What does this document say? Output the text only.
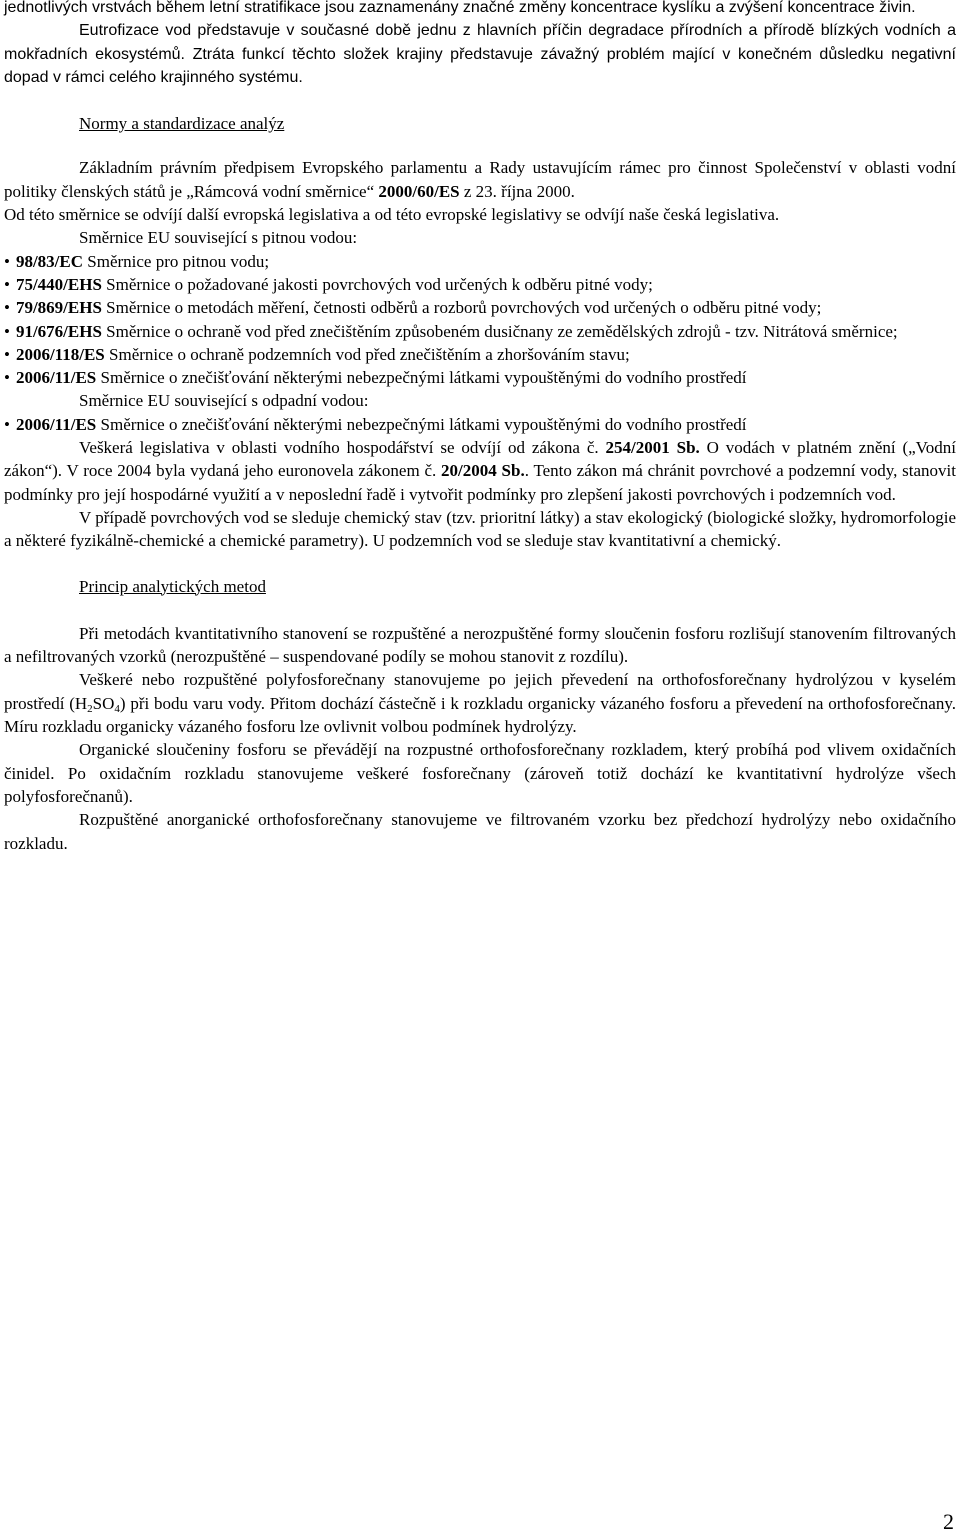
jednotlivých vrstvách během letní stratifikace jsou zaznamenány značné změny koncentrace kyslíku a zvýšení koncentrace živin.

Eutrofizace vod představuje v současné době jednu z hlavních příčin degradace přírodních a přírodě blízkých vodních a mokřadních ekosystémů. Ztráta funkcí těchto složek krajiny představuje závažný problém mající v konečném důsledku negativní dopad v rámci celého krajinného systému.

Normy a standardizace analýz

Základním právním předpisem Evropského parlamentu a Rady ustavujícím rámec pro činnost Společenství v oblasti vodní politiky členských států je „Rámcová vodní směrnice“ 2000/60/ES z 23. října 2000.

Od této směrnice se odvíjí další evropská legislativa a od této evropské legislativy se odvíjí naše česká legislativa.

Směrnice EU související s pitnou vodou:

• 98/83/EC Směrnice pro pitnou vodu;

• 75/440/EHS Směrnice o požadované jakosti povrchových vod určených k odběru pitné vody;

• 79/869/EHS Směrnice o metodách měření, četnosti odběrů a rozborů povrchových vod určených o odběru pitné vody;

• 91/676/EHS Směrnice o ochraně vod před znečištěním způsobeném dusičnany ze zemědělských zdrojů - tzv. Nitrátová směrnice;

• 2006/118/ES Směrnice o ochraně podzemních vod před znečištěním a zhoršováním stavu;

• 2006/11/ES Směrnice o znečišťování některými nebezpečnými látkami vypouštěnými do vodního prostředí

Směrnice EU související s odpadní vodou:

• 2006/11/ES Směrnice o znečišťování některými nebezpečnými látkami vypouštěnými do vodního prostředí

Veškerá legislativa v oblasti vodního hospodářství se odvíjí od zákona č. 254/2001 Sb. O vodách v platném znění („Vodní zákon“). V roce 2004 byla vydaná jeho euronovela zákonem č. 20/2004 Sb.. Tento zákon má chránit povrchové a podzemní vody, stanovit podmínky pro její hospodárné využití a v neposlední řadě i vytvořit podmínky pro zlepšení jakosti povrchových i podzemních vod.

V případě povrchových vod se sleduje chemický stav (tzv. prioritní látky) a stav ekologický (biologické složky, hydromorfologie a některé fyzikálně-chemické a chemické parametry). U podzemních vod se sleduje stav kvantitativní a chemický.

Princip analytických metod

Při metodách kvantitativního stanovení se rozpuštěné a nerozpuštěné formy sloučenin fosforu rozlišují stanovením filtrovaných a nefiltrovaných vzorků (nerozpuštěné – suspendované podíly se mohou stanovit z rozdílu).

Veškeré nebo rozpuštěné polyfosforečnany stanovujeme po jejich převedení na orthofosforečnany hydrolýzou v kyselém prostředí $(H_2SO_4)$ při bodu varu vody. Přitom dochází částečně i k rozkladu organicky vázaného fosforu a převedení na orthofosforečnany. Míru rozkladu organicky vázaného fosforu lze ovlivnit volbou podmínek hydrolýzy.

Organické sloučeniny fosforu se převádějí na rozpustné orthofosforečnany rozkladem, který probíhá pod vlivem oxidačních činidel. Po oxidačním rozkladu stanovujeme veškeré fosforečnany (zároveň totiž dochází ke kvantitativní hydrolýze všech polyfosforečnanů).

Rozpuštěné anorganické orthofosforečnany stanovujeme ve filtrovaném vzorku bez předchozí hydrolýzy nebo oxidačního rozkladu.

2
